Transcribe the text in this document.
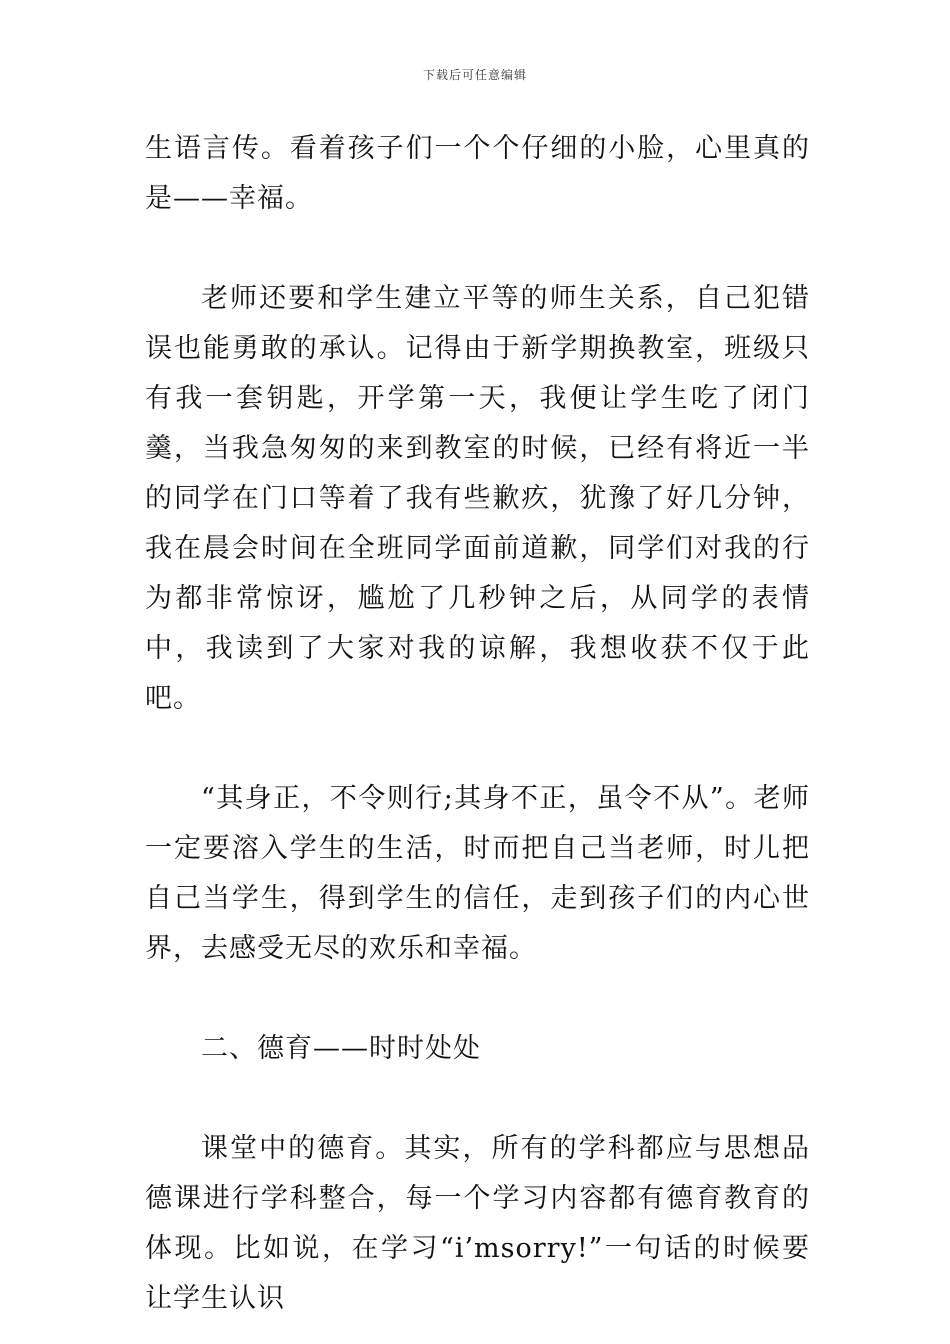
下载后可任意编辑

生语言传。看着孩子们一个个仔细的小脸，心里真的是——幸福。

老师还要和学生建立平等的师生关系，自己犯错误也能勇敢的承认。记得由于新学期换教室，班级只有我一套钥匙，开学第一天，我便让学生吃了闭门羹，当我急匆匆的来到教室的时候，已经有将近一半的同学在门口等着了我有些歉疚，犹豫了好几分钟，我在晨会时间在全班同学面前道歉，同学们对我的行为都非常惊讶，尴尬了几秒钟之后，从同学的表情中，我读到了大家对我的谅解，我想收获不仅于此吧。

“其身正，不令则行;其身不正，虽令不从”。老师一定要溶入学生的生活，时而把自己当老师，时儿把自己当学生，得到学生的信任，走到孩子们的内心世界，去感受无尽的欢乐和幸福。

二、德育——时时处处

课堂中的德育。其实，所有的学科都应与思想品德课进行学科整合，每一个学习内容都有德育教育的体现。比如说，在学习“i’msorry!”一句话的时候要让学生认识
